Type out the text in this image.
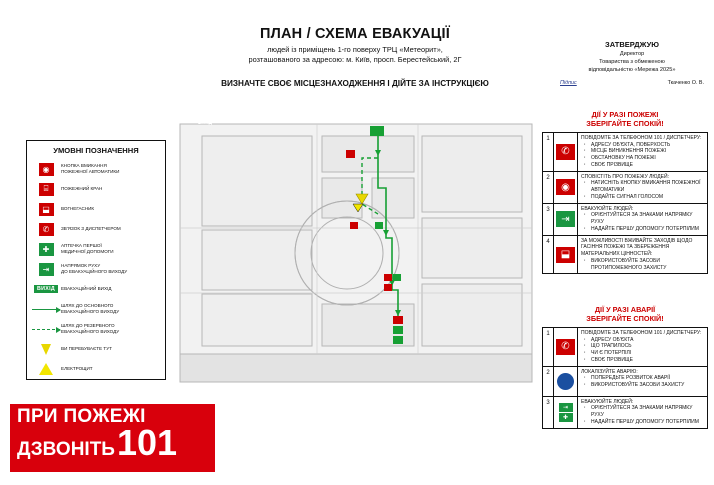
ПЛАН / СХЕМА ЕВАКУАЦІЇ
людей із приміщень 1-го поверху ТРЦ «Метеорит»,
розташованого за адресою: м. Київ, просп. Берестейський, 2Г
ВИЗНАЧТЕ СВОЄ МІСЦЕЗНАХОДЖЕННЯ І ДІЙТЕ ЗА ІНСТРУКЦІЄЮ
ЗАТВЕРДЖУЮ
Директор
Товариства з обмеженою
відповідальністю «Мережа 2025»
Підпис	Ткаченко О. В.
ДІЇ У РАЗІ ПОЖЕЖІ
ЗБЕРІГАЙТЕ СПОКІЙ!
1
✆
ПОВІДОМТЕ ЗА ТЕЛЕФОНОМ 101 / ДИСПЕТЧЕРУ:
· АДРЕСУ ОБ'ЄКТА, ПОВЕРХОСТЬ
· МІСЦЕ ВИНИКНЕННЯ ПОЖЕЖІ
· ОБСТАНОВКУ НА ПОЖЕЖІ
· СВОЄ ПРІЗВИЩЕ
2
◉
СПОВІСТІТЬ ПРО ПОЖЕЖУ ЛЮДЕЙ:
· НАТИСНІТЬ КНОПКУ ВМИКАННЯ ПОЖЕЖНОЇ АВТОМАТИКИ
· ПОДАЙТЕ СИГНАЛ ГОЛОСОМ
3
⇥
ЕВАКУЮЙТЕ ЛЮДЕЙ:
· ОРІЄНТУЙТЕСЯ ЗА ЗНАКАМИ НАПРЯМКУ РУХУ
· НАДАЙТЕ ПЕРШУ ДОПОМОГУ ПОТЕРПІЛИМ
4
⬓
ЗА МОЖЛИВОСТІ ВЖИВАЙТЕ ЗАХОДІВ ЩОДО ГАСІННЯ ПОЖЕЖІ ТА ЗБЕРЕЖЕННЯ МАТЕРІАЛЬНИХ ЦІННОСТЕЙ:
· ВИКОРИСТОВУЙТЕ ЗАСОБИ ПРОТИПОЖЕЖНОГО ЗАХИСТУ
ДІЇ У РАЗІ АВАРІЇ
ЗБЕРІГАЙТЕ СПОКІЙ!
1
✆
ПОВІДОМТЕ ЗА ТЕЛЕФОНОМ 101 / ДИСПЕТЧЕРУ:
· АДРЕСУ ОБ'ЄКТА
· ЩО ТРАПИЛОСЬ
· ЧИ Є ПОТЕРПІЛІ
· СВОЄ ПРІЗВИЩЕ
2	ЛОКАЛІЗУЙТЕ АВАРІЮ:
· ПОПЕРЕДЬТЕ РОЗВИТОК АВАРІЇ
· ВИКОРИСТОВУЙТЕ ЗАСОБИ ЗАХИСТУ
3
⇥
✚
ЕВАКУЮЙТЕ ЛЮДЕЙ:
· ОРІЄНТУЙТЕСЯ ЗА ЗНАКАМИ НАПРЯМКУ РУХУ
· НАДАЙТЕ ПЕРШУ ДОПОМОГУ ПОТЕРПІЛИМ
УМОВНІ ПОЗНАЧЕННЯ
◉	КНОПКА ВМИКАННЯ
ПОЖЕЖНОЇ АВТОМАТИКИ
⌸	ПОЖЕЖНИЙ КРАН
⬓	ВОГНЕГАСНИК
✆	ЗВ'ЯЗОК З ДИСПЕТЧЕРОМ
✚	АПТЕЧКА ПЕРШОЇ
МЕДИЧНОЇ ДОПОМОГИ
⇥	НАПРЯМОК РУХУ
ДО ЕВАКУАЦІЙНОГО ВИХОДУ
ВИХІД	ЕВАКУАЦІЙНИЙ ВИХІД
ШЛЯХ ДО ОСНОВНОГО
ЕВАКУАЦІЙНОГО ВИХОДУ
ШЛЯХ ДО РЕЗЕРВНОГО
ЕВАКУАЦІЙНОГО ВИХОДУ
ВИ ПЕРЕБУВАЄТЕ ТУТ
ЕЛЕКТРОЩИТ
ПРИ ПОЖЕЖІ
ДЗВОНІТЬ 101
ВИХІД
